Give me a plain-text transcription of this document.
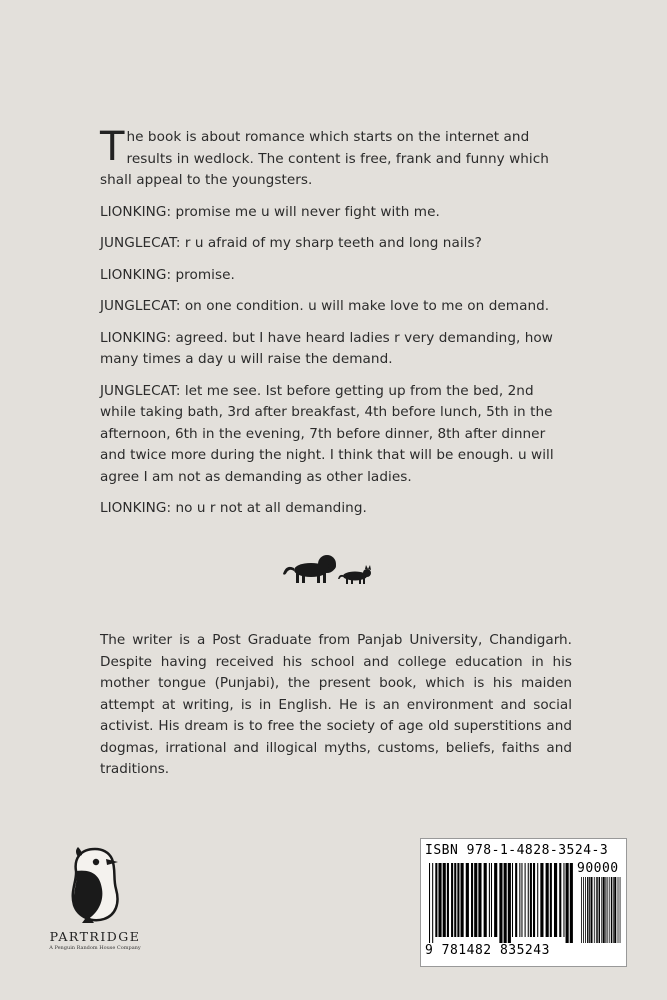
The book is about romance which starts on the internet and results in wedlock. The content is free, frank and funny which shall appeal to the youngsters.

LIONKING: promise me u will never fight with me.

JUNGLECAT: r u afraid of my sharp teeth and long nails?

LIONKING: promise.

JUNGLECAT: on one condition. u will make love to me on demand.

LIONKING: agreed. but I have heard ladies r very demanding, how many times a day u will raise the demand.

JUNGLECAT: let me see. Ist before getting up from the bed, 2nd while taking bath, 3rd after breakfast, 4th before lunch, 5th in the afternoon, 6th in the evening, 7th before dinner, 8th after dinner and twice more during the night. I think that will be enough. u will agree I am not as demanding as other ladies.

LIONKING: no u r not at all demanding.

The writer is a Post Graduate from Panjab University, Chandigarh. Despite having received his school and college education in his mother tongue (Punjabi), the present book, which is his maiden attempt at writing, is in English. He is an environment and social activist. His dream is to free the society of age old superstitions and dogmas, irrational and illogical myths, customs, beliefs, faiths and traditions.

PARTRIDGE
A Penguin Random House Company
ISBN 978-1-4828-3524-3
90000
9 781482 835243
